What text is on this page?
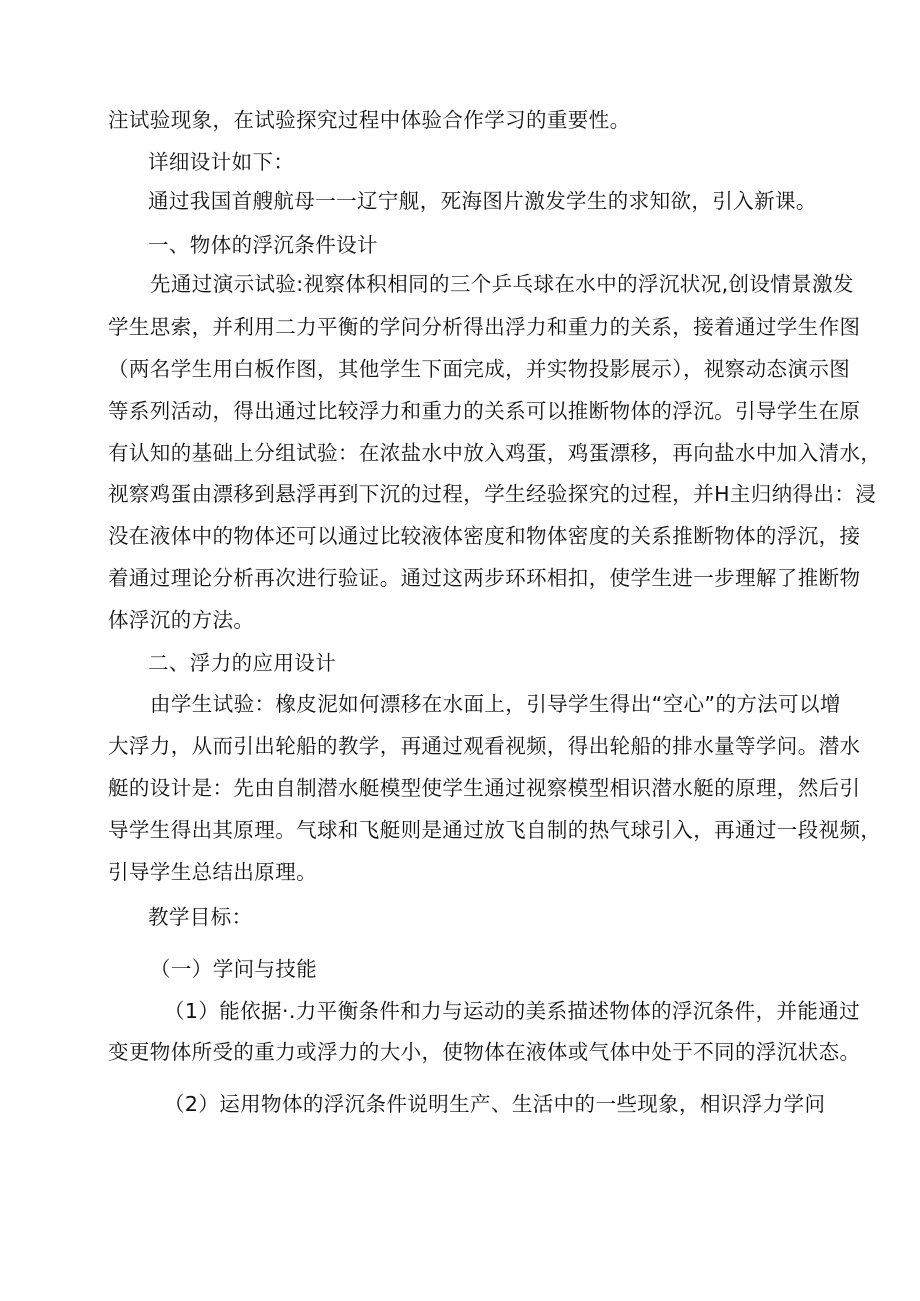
注试验现象，在试验探究过程中体验合作学习的重要性。

详细设计如下：

通过我国首艘航母一一辽宁舰，死海图片激发学生的求知欲，引入新课。

一、物体的浮沉条件设计

先通过演示试验:视察体积相同的三个乒乓球在水中的浮沉状况,创设情景激发

学生思索，并利用二力平衡的学问分析得出浮力和重力的关系，接着通过学生作图

（两名学生用白板作图，其他学生下面完成，并实物投影展示），视察动态演示图

等系列活动，得出通过比较浮力和重力的关系可以推断物体的浮沉。引导学生在原

有认知的基础上分组试验：在浓盐水中放入鸡蛋，鸡蛋漂移，再向盐水中加入清水，

视察鸡蛋由漂移到悬浮再到下沉的过程，学生经验探究的过程，并H主归纳得出：浸

没在液体中的物体还可以通过比较液体密度和物体密度的关系推断物体的浮沉，接

着通过理论分析再次进行验证。通过这两步环环相扣，使学生进一步理解了推断物

体浮沉的方法。

二、浮力的应用设计

由学生试验：橡皮泥如何漂移在水面上，引导学生得出“空心”的方法可以增

大浮力，从而引出轮船的教学，再通过观看视频，得出轮船的排水量等学问。潜水

艇的设计是：先由自制潜水艇模型使学生通过视察模型相识潜水艇的原理，然后引

导学生得出其原理。气球和飞艇则是通过放飞自制的热气球引入，再通过一段视频，

引导学生总结出原理。

教学目标：

（一）学问与技能

（1）能依据·.力平衡条件和力与运动的美系描述物体的浮沉条件，并能通过

变更物体所受的重力或浮力的大小，使物体在液体或气体中处于不同的浮沉状态。

（2）运用物体的浮沉条件说明生产、生活中的一些现象，相识浮力学问
